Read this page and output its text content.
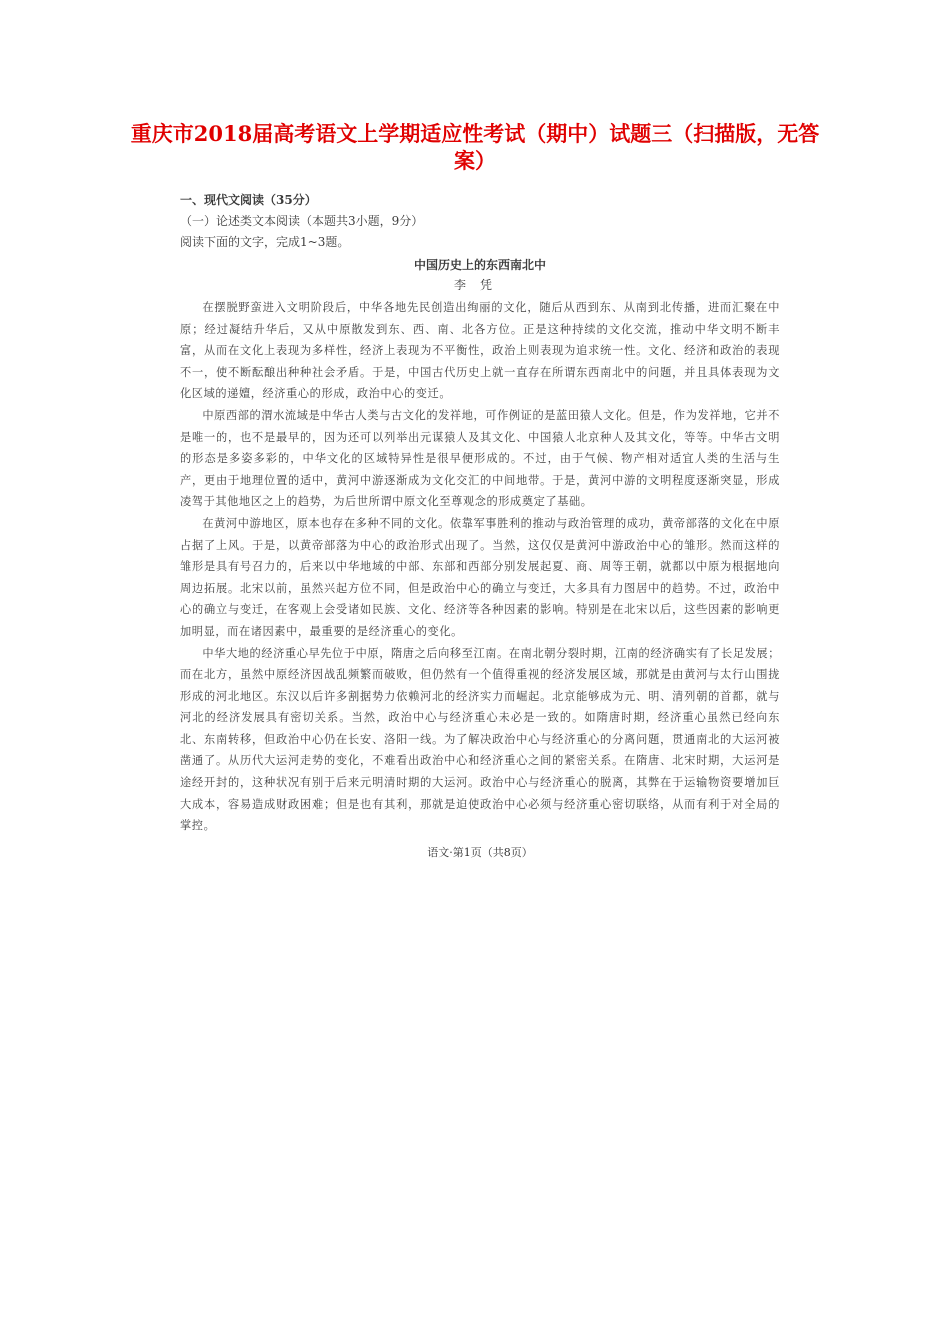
重庆市2018届高考语文上学期适应性考试（期中）试题三（扫描版，无答案）

一、现代文阅读（35分）

（一）论述类文本阅读（本题共3小题，9分）

阅读下面的文字，完成1~3题。

中国历史上的东西南北中

李凭

在摆脱野蛮进入文明阶段后，中华各地先民创造出绚丽的文化，随后从西到东、从南到北传播，进而汇聚在中原；经过凝结升华后，又从中原散发到东、西、南、北各方位。正是这种持续的文化交流，推动中华文明不断丰富，从而在文化上表现为多样性，经济上表现为不平衡性，政治上则表现为追求统一性。文化、经济和政治的表现不一，使不断酝酿出种种社会矛盾。于是，中国古代历史上就一直存在所谓东西南北中的问题，并且具体表现为文化区域的递嬗，经济重心的形成，政治中心的变迁。

中原西部的渭水流域是中华古人类与古文化的发祥地，可作例证的是蓝田猿人文化。但是，作为发祥地，它并不是唯一的，也不是最早的，因为还可以列举出元谋猿人及其文化、中国猿人北京种人及其文化，等等。中华古文明的形态是多姿多彩的，中华文化的区域特异性是很早便形成的。不过，由于气候、物产相对适宜人类的生活与生产，更由于地理位置的适中，黄河中游逐渐成为文化交汇的中间地带。于是，黄河中游的文明程度逐渐突显，形成凌驾于其他地区之上的趋势，为后世所谓中原文化至尊观念的形成奠定了基础。

在黄河中游地区，原本也存在多种不同的文化。依靠军事胜利的推动与政治管理的成功，黄帝部落的文化在中原占据了上风。于是，以黄帝部落为中心的政治形式出现了。当然，这仅仅是黄河中游政治中心的雏形。然而这样的雏形是具有号召力的，后来以中华地域的中部、东部和西部分别发展起夏、商、周等王朝，就都以中原为根据地向周边拓展。北宋以前，虽然兴起方位不同，但是政治中心的确立与变迁，大多具有力图居中的趋势。不过，政治中心的确立与变迁，在客观上会受诸如民族、文化、经济等各种因素的影响。特别是在北宋以后，这些因素的影响更加明显，而在诸因素中，最重要的是经济重心的变化。

中华大地的经济重心早先位于中原，隋唐之后向移至江南。在南北朝分裂时期，江南的经济确实有了长足发展；而在北方，虽然中原经济因战乱频繁而破败，但仍然有一个值得重视的经济发展区域，那就是由黄河与太行山围拢形成的河北地区。东汉以后许多割据势力依赖河北的经济实力而崛起。北京能够成为元、明、清列朝的首都，就与河北的经济发展具有密切关系。当然，政治中心与经济重心未必是一致的。如隋唐时期，经济重心虽然已经向东北、东南转移，但政治中心仍在长安、洛阳一线。为了解决政治中心与经济重心的分离问题，贯通南北的大运河被凿通了。从历代大运河走势的变化，不难看出政治中心和经济重心之间的紧密关系。在隋唐、北宋时期，大运河是途经开封的，这种状况有别于后来元明清时期的大运河。政治中心与经济重心的脱离，其弊在于运输物资要增加巨大成本，容易造成财政困难；但是也有其利，那就是迫使政治中心必须与经济重心密切联络，从而有利于对全局的掌控。

语文·第1页（共8页）
